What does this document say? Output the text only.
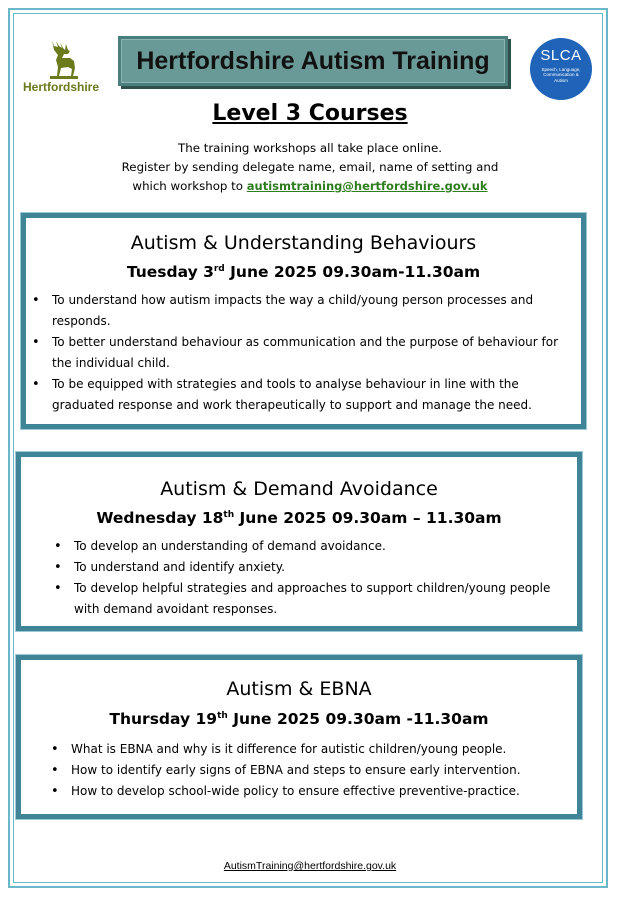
Hertfordshire
Hertfordshire Autism Training	SLCA
Speech, Language, Communication & Autism
Level 3 Courses
The training workshops all take place online.
Register by sending delegate name, email, name of setting and
which workshop to autismtraining@hertfordshire.gov.uk
Autism & Understanding Behaviours
Tuesday 3rd June 2025 09.30am-11.30am
• To understand how autism impacts the way a child/young person processes and responds.
• To better understand behaviour as communication and the purpose of behaviour for the individual child.
• To be equipped with strategies and tools to analyse behaviour in line with the graduated response and work therapeutically to support and manage the need.
Autism & Demand Avoidance
Wednesday 18th June 2025 09.30am – 11.30am
• To develop an understanding of demand avoidance.
• To understand and identify anxiety.
• To develop helpful strategies and approaches to support children/young people with demand avoidant responses.
Autism & EBNA
Thursday 19th June 2025 09.30am -11.30am
• What is EBNA and why is it difference for autistic children/young people.
• How to identify early signs of EBNA and steps to ensure early intervention.
• How to develop school-wide policy to ensure effective preventive-practice.
AutismTraining@hertfordshire.gov.uk
